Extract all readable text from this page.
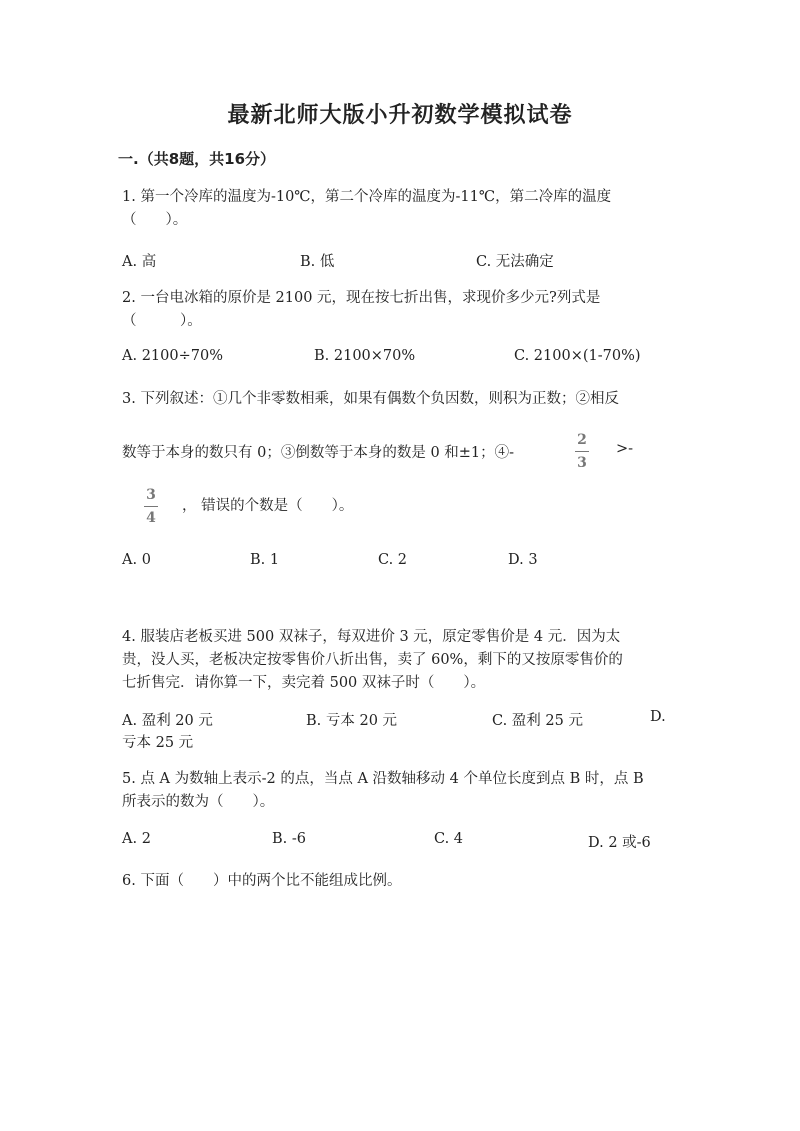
最新北师大版小升初数学模拟试卷
一.（共8题，共16分）
1. 第一个冷库的温度为-10℃，第二个冷库的温度为-11℃，第二冷库的温度
（　　）。
A. 高	B. 低	C. 无法确定
2. 一台电冰箱的原价是 2100 元，现在按七折出售，求现价多少元?列式是
（　　　）。
A. 2100÷70%	B. 2100×70%	C. 2100×(1-70%)
3. 下列叙述：①几个非零数相乘，如果有偶数个负因数，则积为正数；②相反
数等于本身的数只有 0；③倒数等于本身的数是 0 和±1；④-
2
3
>-
3
4
， 错误的个数是（　　）。
A. 0	B. 1	C. 2	D. 3
4. 服装店老板买进 500 双袜子，每双进价 3 元，原定零售价是 4 元．因为太
贵，没人买，老板决定按零售价八折出售，卖了 60%，剩下的又按原零售价的
七折售完．请你算一下，卖完着 500 双袜子时（　　）。
A. 盈利 20 元	B. 亏本 20 元	C. 盈利 25 元	D.
亏本 25 元
5. 点 A 为数轴上表示-2 的点，当点 A 沿数轴移动 4 个单位长度到点 B 时，点 B
所表示的数为（　　）。
A. 2	B. -6	C. 4	D. 2 或-6
6. 下面（　　）中的两个比不能组成比例。
